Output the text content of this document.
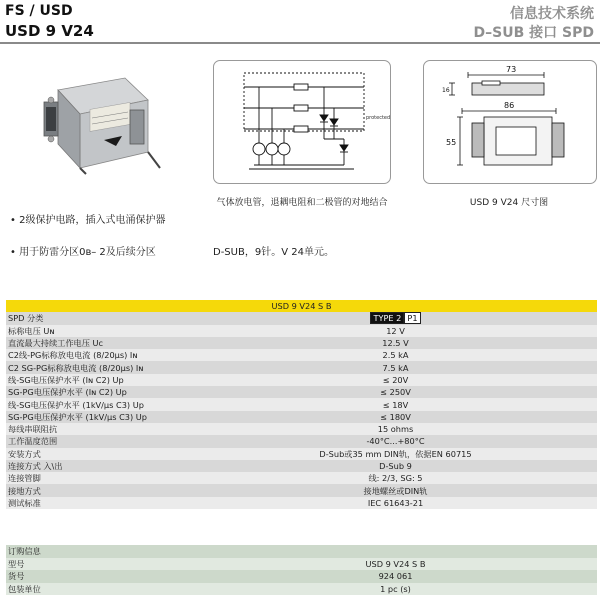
FS / USD	信息技术系统
USD 9 V24	D–SUB 接口 SPD
protected
气体放电管，退耦电阻和二极管的对地结合
73
16
86
55
USD 9 V24 尺寸图
• 2级保护电路，插入式电涌保护器
• 用于防雷分区0ʙ– 2及后续分区	D-SUB，9针。V 24单元。
USD 9 V24 S B	
SPD 分类	TYPE 2 P1
标称电压 Uɴ	12 V
直流最大持续工作电压 Uc	12.5 V
C2线-PG标称放电电流 (8/20µs) Iɴ	2.5 kA
C2 SG-PG标称放电电流 (8/20µs) Iɴ	7.5 kA
线-SG电压保护水平 (Iɴ C2) Up	≤ 20V
SG-PG电压保护水平 (Iɴ C2) Up	≤ 250V
线-SG电压保护水平 (1kV/µs C3) Up	≤ 18V
SG-PG电压保护水平 (1kV/µs C3) Up	≤ 180V
每线串联阻抗	15 ohms
工作温度范围	-40°C...+80°C
安装方式	D-Sub或35 mm DIN轨，依据EN 60715
连接方式 入\出	D-Sub 9
连接管脚	线: 2/3, SG: 5
接地方式	接地螺丝或DIN轨
测试标准	IEC 61643-21
订购信息	
型号	USD 9 V24 S B
货号	924 061
包装单位	1 pc (s)
